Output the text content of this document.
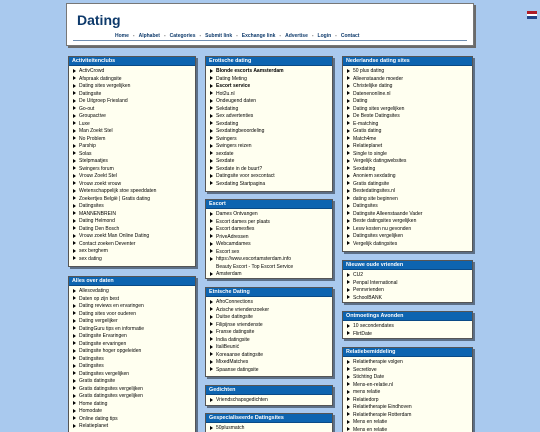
Dating
Home - Alphabet - Categories - Submit link - Exchange link - Advertise - Login - Contact
Activiteitenclubs
ActivCrowd
Afspraak datingsite
Dating sites vergelijken
Datingsite
De Uitgroep Friesland
Go-out
Groupactive
Luxe
Man Zoekt Stel
No Problem
Parship
Solas
Stelpmaatjes
Swingers forum
Vrouw Zoekt Stel
Vrouw zoekt vrouw
Wetenschappelijk stoe speeddaten
Zoekertjes België | Gratis dating
Datingsites
MANNENBREIN
Dating Helmond
Dating Den Bosch
Vrouw zoekt Man Online Dating
Contact zoeken Deventer
sex berghem
sex dating
Alles over daten
Allesovdating
Daten op zijn best
Dating reviews en ervaringen
Dating sites voor ouderen
Dating vergelijker
DatingGuru tips en informatie
Datingsite Ervaringen
Datingsite ervaringen
Datingsite hoger opgeleiden
Datingsites
Datingsites
Datingsites vergelijken
Gratis datingsite
Gratis datingsites vergelijken
Gratis datingsites vergelijken
Home dating
Homodate
Online dating tips
Relatieplanet
Erotische dating
Blonde escorts Aamsterdam
Dating Meting
Escort service
Hot2u.nl
Ondeugend daten
Sekdating
Sex advertenties
Sexdating
Sexdatingbeoordeling
Swingers
Swingers reizen
sexdate
Sexdate
Sexdate in de buurt?
Datingsite voor sexcontact
Sexdating Startpagina
Escort
Dames Ontvangen
Escort dames per plaats
Escort damesfies
PriveAdressen
Webcamdames
Escort sex
https://www.escortamsterdam.info
Beauty Escort - Top Escort Service
Amsterdam
Etnische Dating
AfroConnections
Azische vriendenzoeker
Duitse datingsite
Filipijnse vriendenste
Franse datingsite
India datingsite
ItaliBeunić
Koreaanse datingsite
MixedMatches
Spaanse datingsite
Gedichten
Vriendschapsgedichten
Gespecialiseerde Datingsites
50plusmatch
Nederlandse dating sites
50 plus dating
Alleenstaande moeder
Christelijke dating
Datenenonline.nl
Dating
Dating sites vergelijken
De Beste Datingsites
E-matching
Gratis dating
Match4me
Relatieplanet
Single to single
Vergelijk datingwebsites
Sexdating
Anoniem sexdating
Gratis datingsite
Bestedatingsites.nl
dating site beginnen
Datingsites
Datingsite Alleenstaande Vader
Beste datingsites vergelijken
Lesw kosten nu gevonden
Datingsites vergelijken
Vergelijk datingsites
Nieuwe oude vrienden
CU2
Penpal International
Pennvrienden
SchoolBANK
Ontmoetings Avonden
10 secondendates
FlirtDate
Relatiebemiddeling
Relatietherapie volgen
Secretlove
Stichting Date
Mens-en-relatie.nl
mens relatie
Relatiedorp
Relatietherapie Eindhoven
Relatietherapie Rotterdam
Mens en relatie
Mens en relatie
